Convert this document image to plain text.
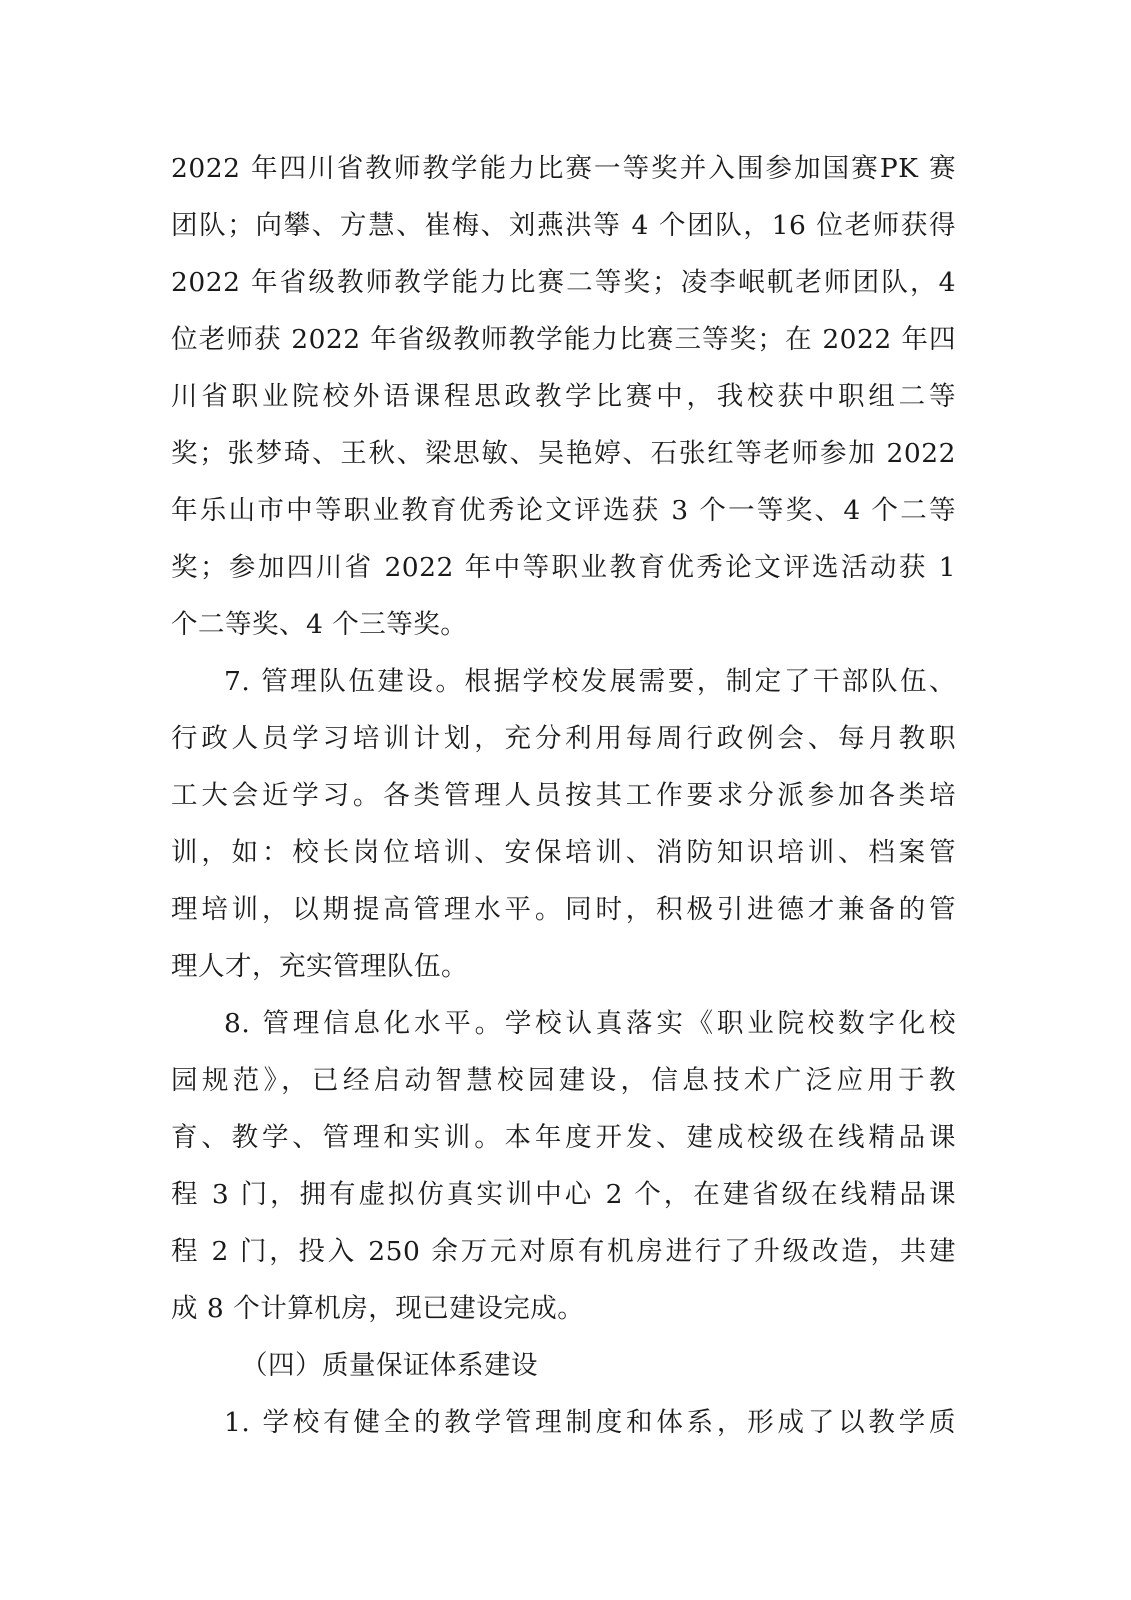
2022 年四川省教师教学能力比赛一等奖并入围参加国赛PK 赛
团队；向攀、方慧、崔梅、刘燕洪等 4 个团队，16 位老师获得
2022 年省级教师教学能力比赛二等奖；凌李岷軏老师团队，4
位老师获 2022 年省级教师教学能力比赛三等奖；在 2022 年四
川省职业院校外语课程思政教学比赛中，我校获中职组二等
奖；张梦琦、王秋、梁思敏、吴艳婷、石张红等老师参加 2022
年乐山市中等职业教育优秀论文评选获 3 个一等奖、4 个二等
奖；参加四川省 2022 年中等职业教育优秀论文评选活动获 1
个二等奖、4 个三等奖。
7. 管理队伍建设。根据学校发展需要，制定了干部队伍、
行政人员学习培训计划，充分利用每周行政例会、每月教职
工大会近学习。各类管理人员按其工作要求分派参加各类培
训，如：校长岗位培训、安保培训、消防知识培训、档案管
理培训，以期提高管理水平。同时，积极引进德才兼备的管
理人才，充实管理队伍。
8. 管理信息化水平。学校认真落实《职业院校数字化校
园规范》，已经启动智慧校园建设，信息技术广泛应用于教
育、教学、管理和实训。本年度开发、建成校级在线精品课
程 3 门，拥有虚拟仿真实训中心 2 个，在建省级在线精品课
程 2 门，投入 250 余万元对原有机房进行了升级改造，共建
成 8 个计算机房，现已建设完成。
（四）质量保证体系建设
1. 学校有健全的教学管理制度和体系，形成了以教学质
